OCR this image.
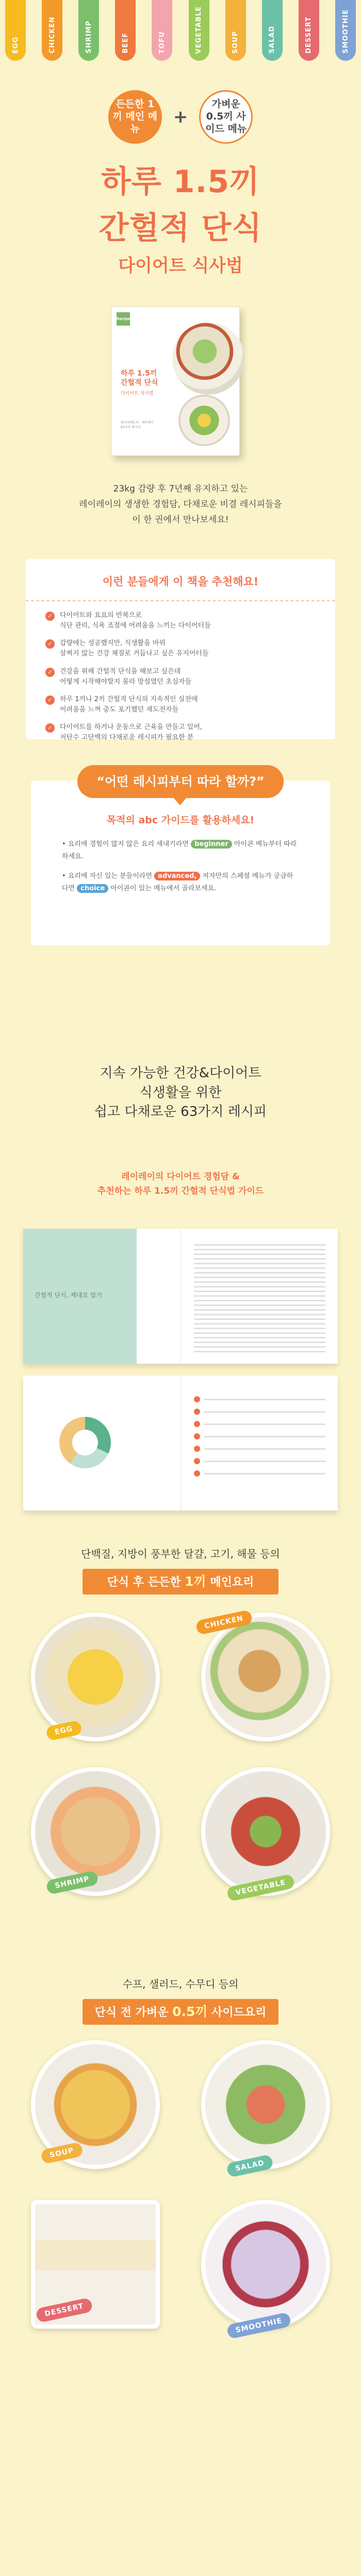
EGG	CHICKEN	SHRIMP	BEEF	TOFU	VEGETABLE	SOUP	SALAD	DESSERT	SMOOTHIE
든든한 1끼 메인 메뉴
+
가벼운 0.5끼 사이드 메뉴
하루 1.5끼
간헐적 단식
다이어트 식사법
Recipe factory
하루 1.5끼
간헐적 단식
다이어트 식사법
레시피팩토리 · 레이레이
63가지 레시피
23kg 감량 후 7년째 유지하고 있는
레이레이의 생생한 경험담, 다채로운 비결 레시피들을
이 한 권에서 만나보세요!
이런 분들에게 이 책을 추천해요!
✓	다이어트와 요요의 반복으로
식단 관리, 식욕 조절에 어려움을 느끼는 다이어터들
✓	갑량에는 성공했지만, 식생활을 바꿔
살찌지 않는 건강 체질로 거듭나고 싶은 유지어터들
✓	건강을 위해 간헐적 단식을 해보고 싶은데
어떻게 시작해야할지 몰라 망설였던 초심자들
✓	하루 1끼나 2끼 간헐적 단식의 지속적인 실천에
어려움을 느껴 중도 포기했던 재도전자들
✓	다이어트를 하거나 운동으로 근육을 만들고 있어,
저탄수 고단백의 다채로운 레시피가 필요한 분
“어떤 레시피부터 따라 할까?”
목적의 abc 가이드를 활용하세요!

• 요리에 경험이 많지 않은 요리 새내기라면 beginner 아이콘 메뉴부터 따라 하세요.

• 요리에 자신 있는 분들이라면 advanced, 저자만의 스페셜 메뉴가 궁금하다면 choice 아이콘이 있는 메뉴에서 골라보세요.

지속 가능한 건강&다이어트
식생활을 위한
쉽고 다채로운 63가지 레시피
레이레이의 다이어트 경험담 &
추천하는 하루 1.5끼 간헐적 단식법 가이드
간헐적 단식, 제대로 알기
단백질, 지방이 풍부한 달걀, 고기, 해물 등의
단식 후 든든한 1끼 메인요리
EGG
CHICKEN
SHRIMP	VEGETABLE
수프, 샐러드, 수무디 등의
단식 전 가벼운 0.5끼 사이드요리
SOUP
SALAD
DESSERT
SMOOTHIE
